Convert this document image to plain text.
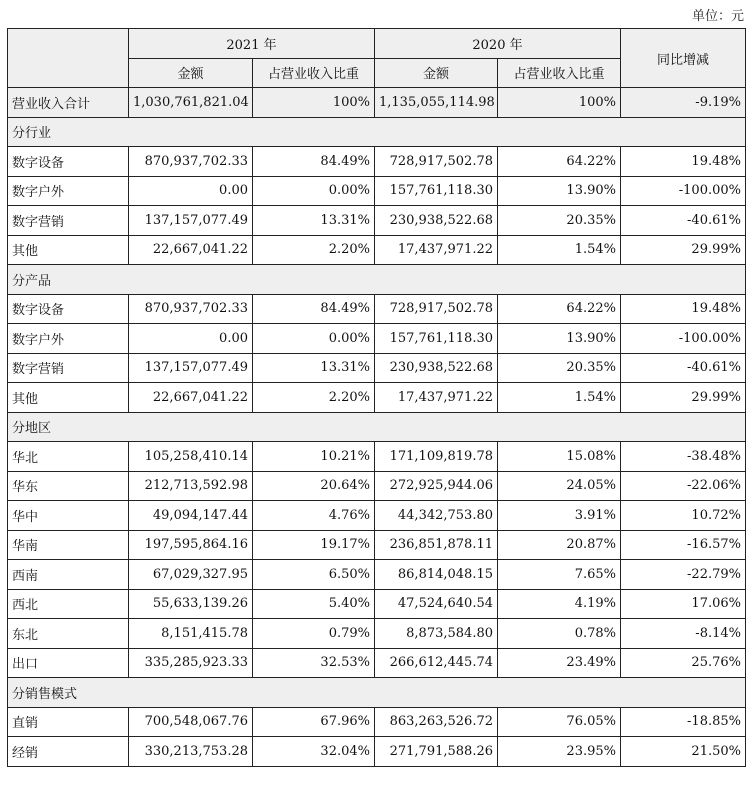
单位：元
	2021 年		2020 年		同比增减
	金额	占营业收入比重	金额	占营业收入比重	
营业收入合计	1,030,761,821.04	100%	1,135,055,114.98	100%	-9.19%
分行业					
数字设备	870,937,702.33	84.49%	728,917,502.78	64.22%	19.48%
数字户外	0.00	0.00%	157,761,118.30	13.90%	-100.00%
数字营销	137,157,077.49	13.31%	230,938,522.68	20.35%	-40.61%
其他	22,667,041.22	2.20%	17,437,971.22	1.54%	29.99%
分产品					
数字设备	870,937,702.33	84.49%	728,917,502.78	64.22%	19.48%
数字户外	0.00	0.00%	157,761,118.30	13.90%	-100.00%
数字营销	137,157,077.49	13.31%	230,938,522.68	20.35%	-40.61%
其他	22,667,041.22	2.20%	17,437,971.22	1.54%	29.99%
分地区					
华北	105,258,410.14	10.21%	171,109,819.78	15.08%	-38.48%
华东	212,713,592.98	20.64%	272,925,944.06	24.05%	-22.06%
华中	49,094,147.44	4.76%	44,342,753.80	3.91%	10.72%
华南	197,595,864.16	19.17%	236,851,878.11	20.87%	-16.57%
西南	67,029,327.95	6.50%	86,814,048.15	7.65%	-22.79%
西北	55,633,139.26	5.40%	47,524,640.54	4.19%	17.06%
东北	8,151,415.78	0.79%	8,873,584.80	0.78%	-8.14%
出口	335,285,923.33	32.53%	266,612,445.74	23.49%	25.76%
分销售模式					
直销	700,548,067.76	67.96%	863,263,526.72	76.05%	-18.85%
经销	330,213,753.28	32.04%	271,791,588.26	23.95%	21.50%
